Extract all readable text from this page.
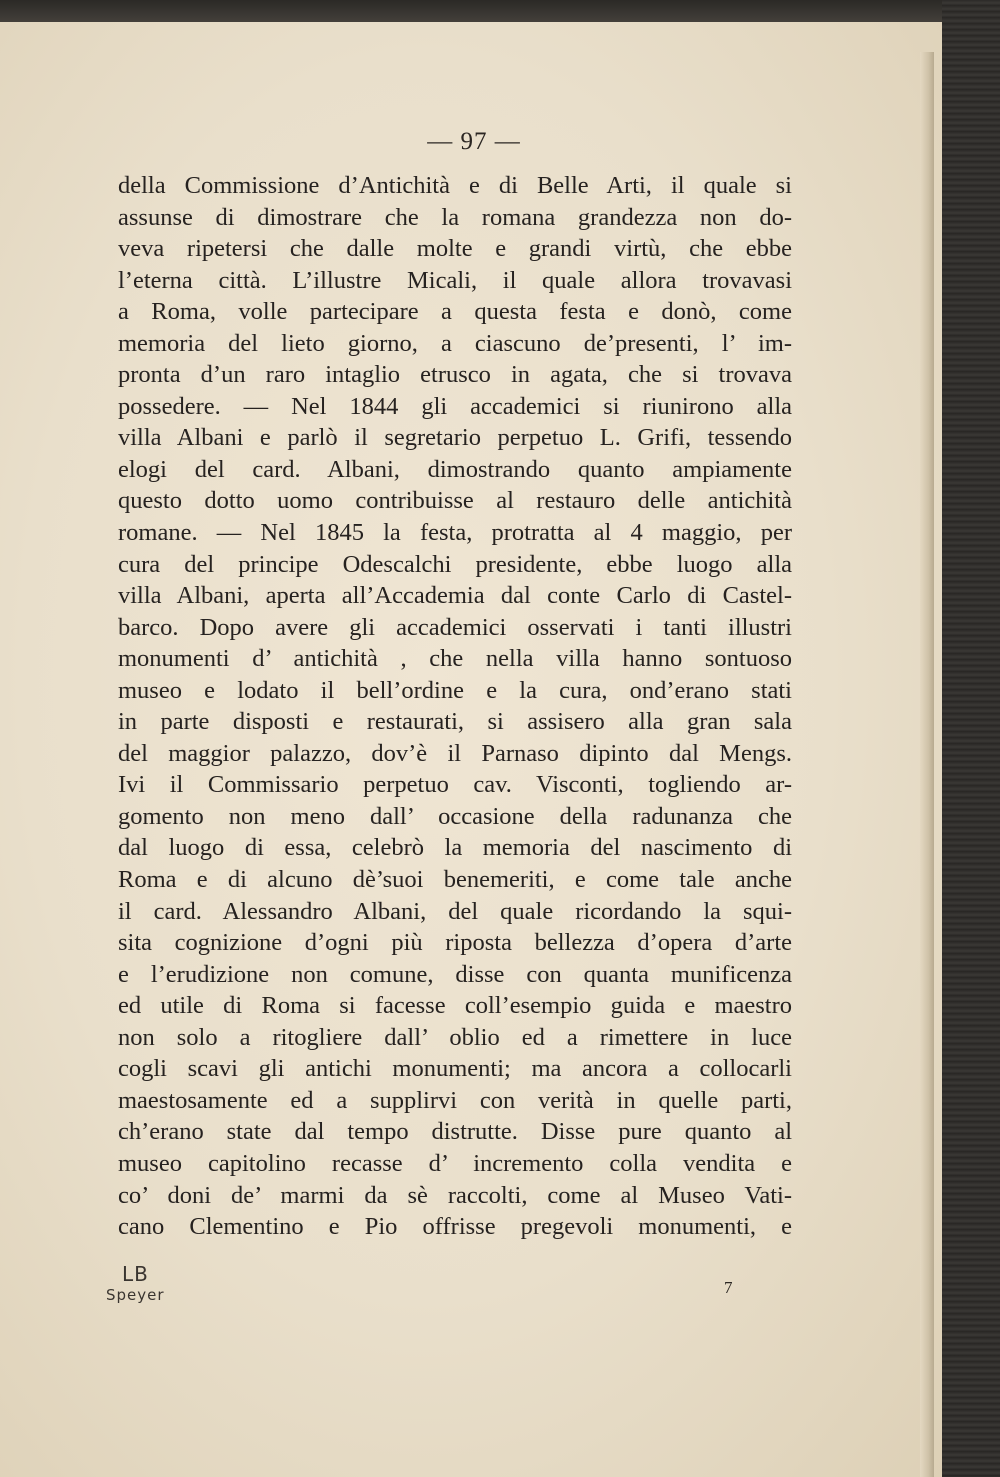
— 97 —
della Commissione d’Antichità e di Belle Arti, il quale si
assunse di dimostrare che la romana grandezza non do-
veva ripetersi che dalle molte e grandi virtù, che ebbe
l’eterna città. L’illustre Micali, il quale allora trovavasi
a Roma, volle partecipare a questa festa e donò, come
memoria del lieto giorno, a ciascuno de’presenti, l’ im-
pronta d’un raro intaglio etrusco in agata, che si trovava
possedere. — Nel 1844 gli accademici si riunirono alla
villa Albani e parlò il segretario perpetuo L. Grifi, tessendo
elogi del card. Albani, dimostrando quanto ampiamente
questo dotto uomo contribuisse al restauro delle antichità
romane. — Nel 1845 la festa, protratta al 4 maggio, per
cura del principe Odescalchi presidente, ebbe luogo alla
villa Albani, aperta all’Accademia dal conte Carlo di Castel-
barco. Dopo avere gli accademici osservati i tanti illustri
monumenti d’ antichità , che nella villa hanno sontuoso
museo e lodato il bell’ordine e la cura, ond’erano stati
in parte disposti e restaurati, si assisero alla gran sala
del maggior palazzo, dov’è il Parnaso dipinto dal Mengs.
Ivi il Commissario perpetuo cav. Visconti, togliendo ar-
gomento non meno dall’ occasione della radunanza che
dal luogo di essa, celebrò la memoria del nascimento di
Roma e di alcuno dè’suoi benemeriti, e come tale anche
il card. Alessandro Albani, del quale ricordando la squi-
sita cognizione d’ogni più riposta bellezza d’opera d’arte
e l’erudizione non comune, disse con quanta munificenza
ed utile di Roma si facesse coll’esempio guida e maestro
non solo a ritogliere dall’ oblio ed a rimettere in luce
cogli scavi gli antichi monumenti; ma ancora a collocarli
maestosamente ed a supplirvi con verità in quelle parti,
ch’erano state dal tempo distrutte. Disse pure quanto al
museo capitolino recasse d’ incremento colla vendita e
co’ doni de’ marmi da sè raccolti, come al Museo Vati-
cano Clementino e Pio offrisse pregevoli monumenti, e
LB
Speyer	7
